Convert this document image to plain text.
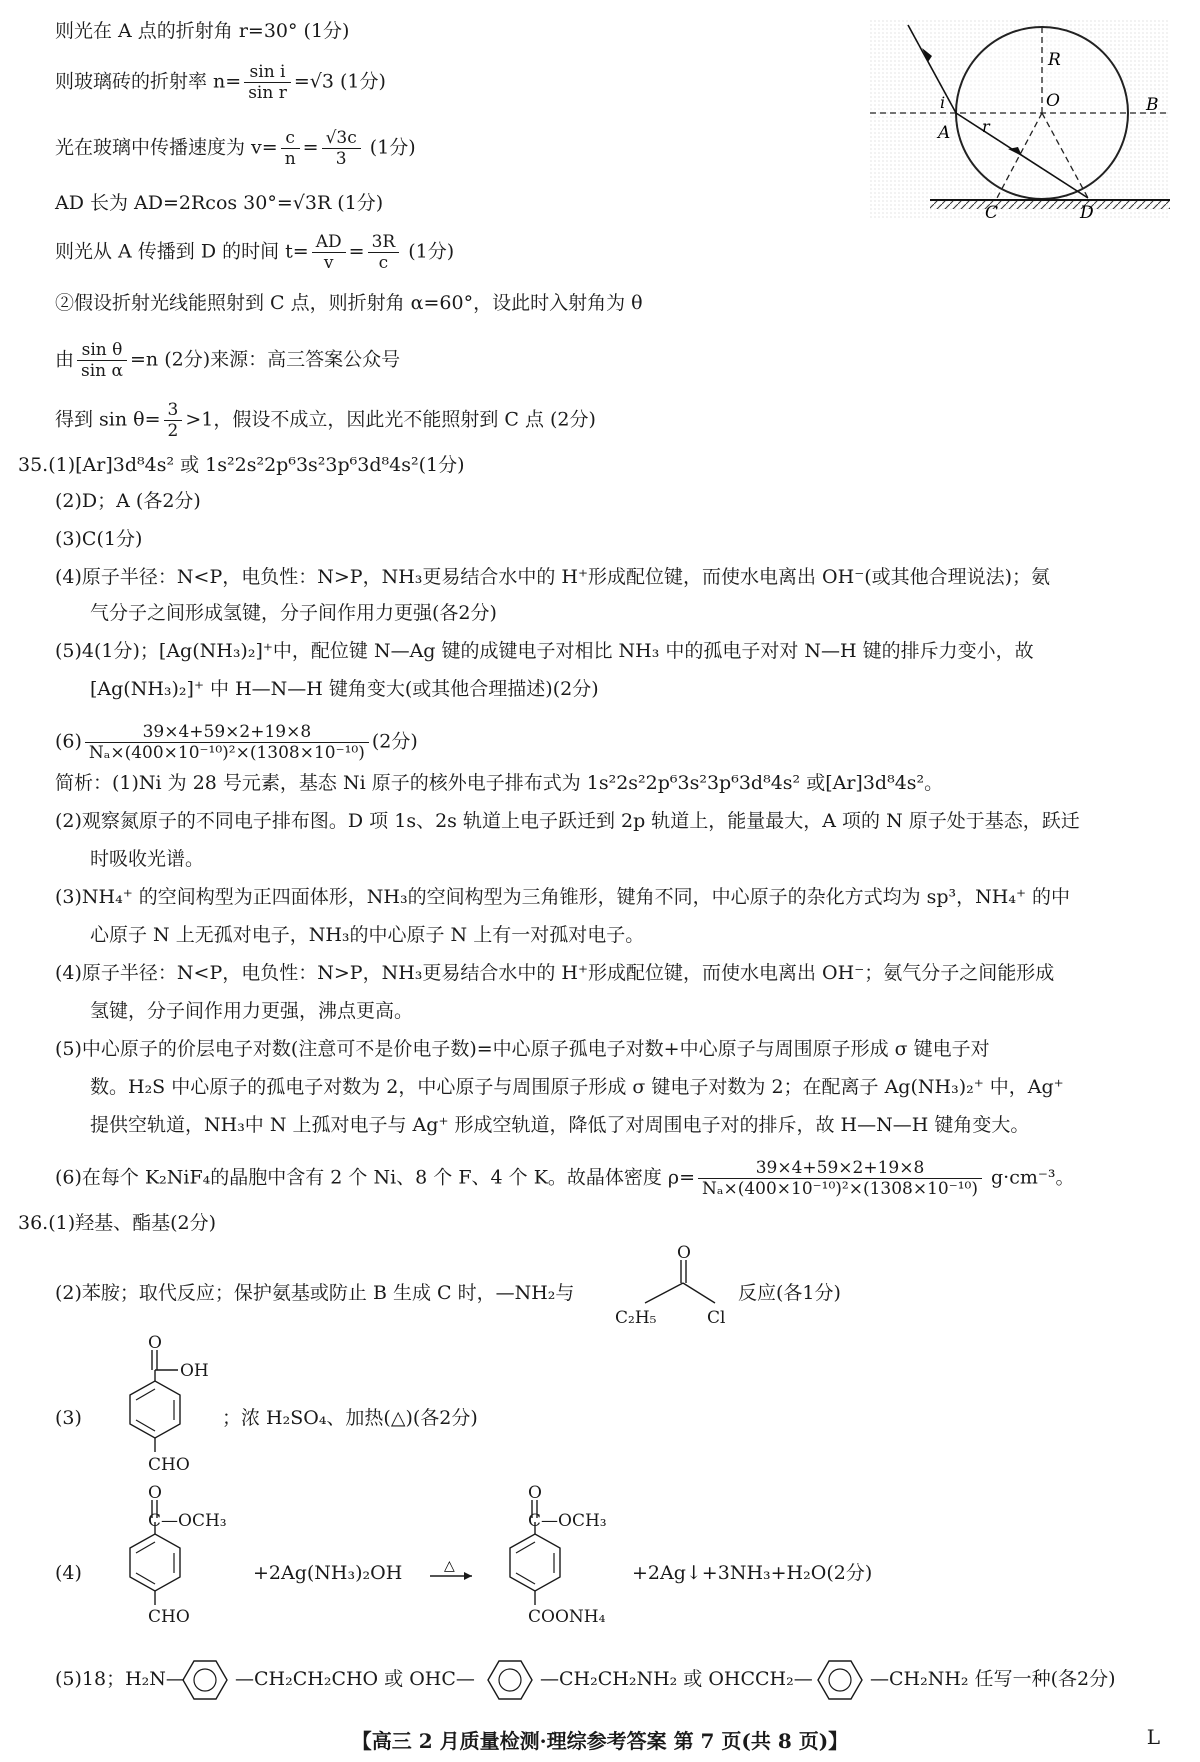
则光在 A 点的折射角 r=30° (1分)
则玻璃砖的折射率 $n= \frac{\text{sin i}}{\text{sin r}} =√3$ (1分)
光在玻璃中传播速度为 $v= \frac{c}{n} = \frac{√3c}{3} (1$分)
AD 长为 AD=2Rcos 30°=√3R (1分)
则光从 A 传播到 D 的时间 $t= \frac{AD}{v} = \frac{3R}{c} (1$分)
②假设折射光线能照射到 C 点，则折射角 α=60°，设此时入射角为 θ
由 $\frac{\text{sin θ}}{\text{sin α}} =n$ (2分)来源：高三答案公众号
得到 $\sin \theta= \frac{3}{2} >1$，假设不成立，因此光不能照射到 C 点 (2分)
R
O	B
A
i
r
C	D
35.(1)[Ar]3d⁸4s² 或 1s²2s²2p⁶3s²3p⁶3d⁸4s²(1分)
(2)D；A (各2分)
(3)C(1分)
(4)原子半径：N<P，电负性：N>P，NH₃更易结合水中的 H⁺形成配位键，而使水电离出 OH⁻(或其他合理说法)；氨
气分子之间形成氢键，分子间作用力更强(各2分)
(5)4(1分)；[Ag(NH₃)₂]⁺中，配位键 N—Ag 键的成键电子对相比 NH₃ 中的孤电子对对 N—H 键的排斥力变小，故
[Ag(NH₃)₂]⁺ 中 H—N—H 键角变大(或其他合理描述)(2分)
$(6) \frac{39\times 4+59\times 2+19\times 8}{\text{Nₐ×(400×10⁻¹⁰)²×(1308×10⁻¹⁰)}} (2$分)
简析：(1)Ni 为 28 号元素，基态 Ni 原子的核外电子排布式为 1s²2s²2p⁶3s²3p⁶3d⁸4s² 或[Ar]3d⁸4s²。
(2)观察氮原子的不同电子排布图。D 项 1s、2s 轨道上电子跃迁到 2p 轨道上，能量最大，A 项的 N 原子处于基态，跃迁
时吸收光谱。
(3)NH₄⁺ 的空间构型为正四面体形，NH₃的空间构型为三角锥形，键角不同，中心原子的杂化方式均为 sp³，NH₄⁺ 的中
心原子 N 上无孤对电子，NH₃的中心原子 N 上有一对孤对电子。
(4)原子半径：N<P，电负性：N>P，NH₃更易结合水中的 H⁺形成配位键，而使水电离出 OH⁻；氨气分子之间能形成
氢键，分子间作用力更强，沸点更高。
(5)中心原子的价层电子对数(注意可不是价电子数)=中心原子孤电子对数+中心原子与周围原子形成 σ 键电子对
数。H₂S 中心原子的孤电子对数为 2，中心原子与周围原子形成 σ 键电子对数为 2；在配离子 Ag(NH₃)₂⁺ 中，Ag⁺
提供空轨道，NH₃中 N 上孤对电子与 Ag⁺ 形成空轨道，降低了对周围电子对的排斥，故 H—N—H 键角变大。
(6)在每个 K₂NiF₄的晶胞中含有 2 个 Ni、8 个 F、4 个 K。故晶体密度 $\rho= \frac{39\times 4+59\times 2+19\times 8}{\text{Nₐ×(400×10⁻¹⁰)²×(1308×10⁻¹⁰)}} g\cdot cm^{-3}$。
36.(1)羟基、酯基(2分)
(2)苯胺；取代反应；保护氨基或防止 B 生成 C 时，—NH₂与
O
C₂H₅	Cl
反应(各1分)
(3)
O
OH
CHO
；浓 H₂SO₄、加热(△)(各2分)
(4)
O
C—OCH₃
CHO
+2Ag(NH₃)₂OH	△
O
C—OCH₃
COONH₄
+2Ag↓+3NH₃+H₂O(2分)
(5)18；H₂N—	—CH₂CH₂CHO 或 OHC—	—CH₂CH₂NH₂ 或 OHCCH₂—	—CH₂NH₂ 任写一种(各2分)
【高三 2 月质量检测·理综参考答案 第 7 页(共 8 页)】	L
